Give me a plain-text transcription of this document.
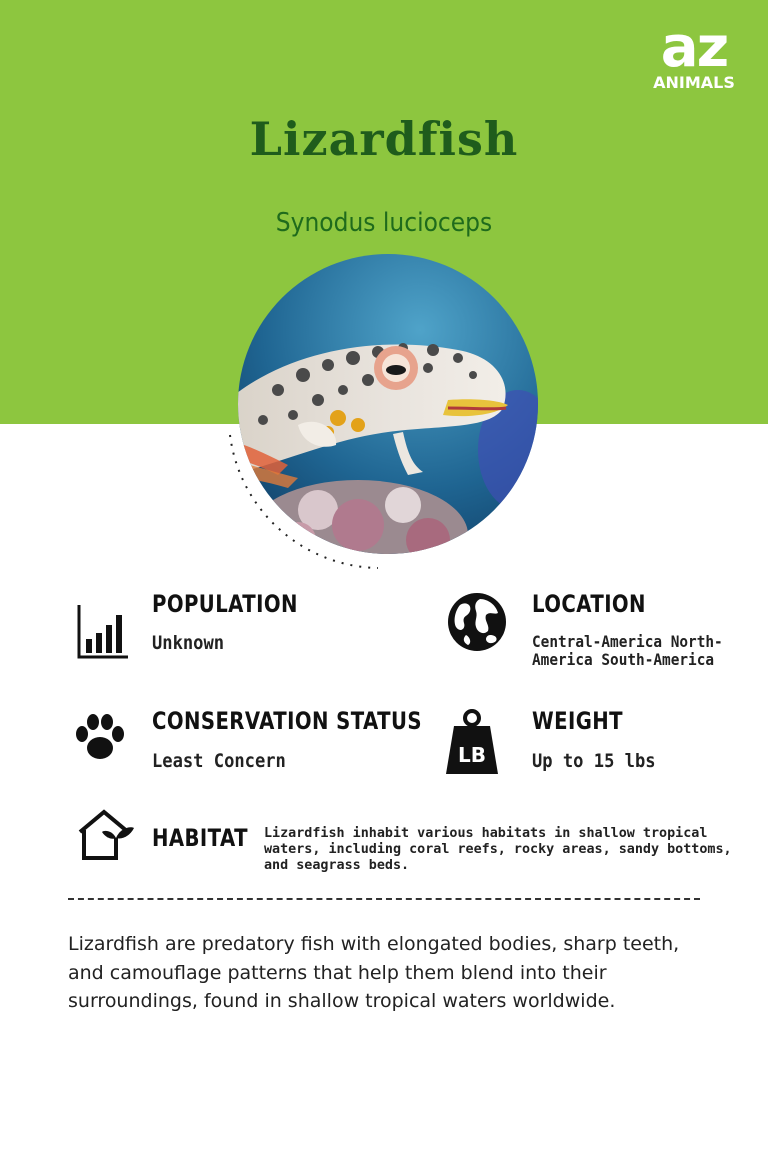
az
ANIMALS
Lizardfish
Synodus lucioceps
POPULATION
Unknown
LOCATION
Central-America North-America South-America
CONSERVATION STATUS
Least Concern	LB
WEIGHT
Up to 15 lbs
HABITAT Lizardfish inhabit various habitats in shallow tropical waters, including coral reefs, rocky areas, sandy bottoms, and seagrass beds.

Lizardfish are predatory fish with elongated bodies, sharp teeth, and camouflage patterns that help them blend into their surroundings, found in shallow tropical waters worldwide.
